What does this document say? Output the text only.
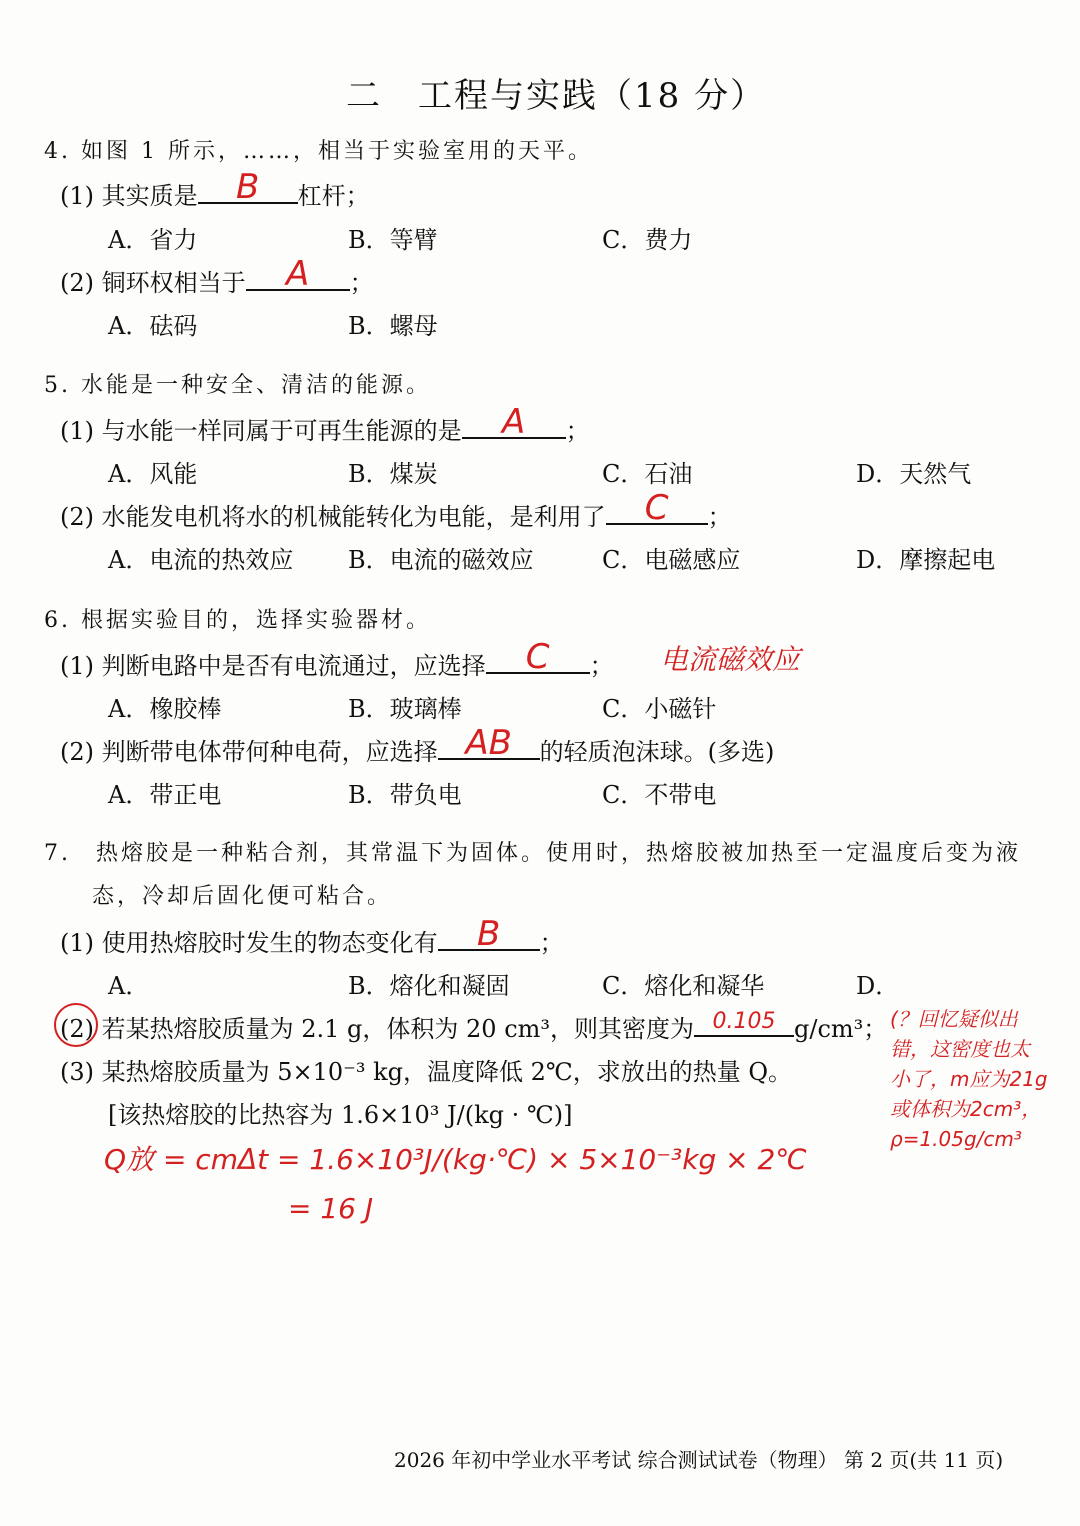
二　工程与实践（18 分）
4. 如图 1 所示，……，相当于实验室用的天平。
(1) 其实质是	B	杠杆；
A．省力	B．等臂	C．费力
(2) 铜环权相当于	A	；
A．砝码	B．螺母
5. 水能是一种安全、清洁的能源。
(1) 与水能一样同属于可再生能源的是	A	；
A．风能	B．煤炭	C．石油	D．天然气
(2) 水能发电机将水的机械能转化为电能，是利用了	C	；
A．电流的热效应 B．电流的磁效应	C．电磁感应	D．摩擦起电
6. 根据实验目的，选择实验器材。
(1) 判断电路中是否有电流通过，应选择	C	； 电流磁效应
A．橡胶棒	B．玻璃棒	C．小磁针
(2) 判断带电体带何种电荷，应选择 AB	的轻质泡沫球。(多选)
A．带正电	B．带负电	C．不带电
7.　热熔胶是一种粘合剂，其常温下为固体。使用时，热熔胶被加热至一定温度后变为液
态，冷却后固化便可粘合。
(1) 使用热熔胶时发生的物态变化有	B	；
A．	B．熔化和凝固	C．熔化和凝华	D．
(2) 若某热熔胶质量为 2.1 g，体积为 20 cm³，则其密度为 0.105 g/cm³； (？回忆疑似出
错，这密度也太
小了，m应为21g
或体积为2cm³，
ρ=1.05g/cm³
(3) 某热熔胶质量为 5×10⁻³ kg，温度降低 2℃，求放出的热量 Q。
[该热熔胶的比热容为 1.6×10³ J/(kg · ℃)]
Q放 = cmΔt = 1.6×10³J/(kg·℃) × 5×10⁻³kg × 2℃
= 16 J
2026 年初中学业水平考试 综合测试试卷（物理） 第 2 页(共 11 页)
